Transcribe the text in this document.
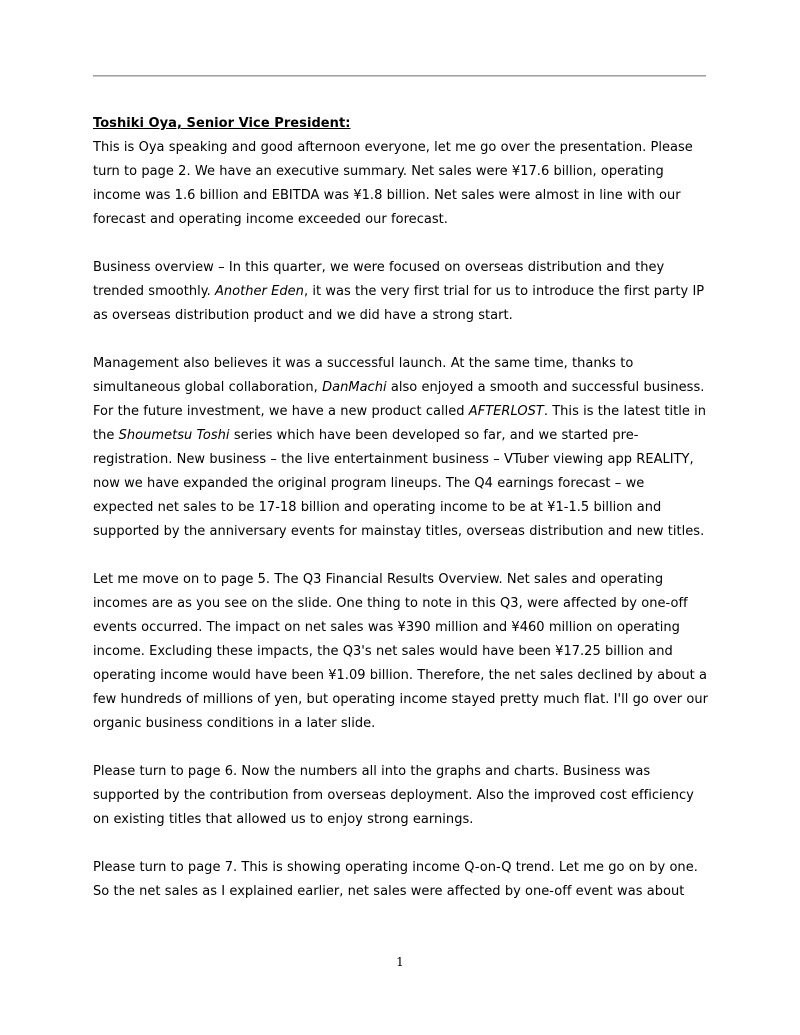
Toshiki Oya, Senior Vice President:

This is Oya speaking and good afternoon everyone, let me go over the presentation. Please turn to page 2. We have an executive summary. Net sales were ¥17.6 billion, operating income was 1.6 billion and EBITDA was ¥1.8 billion. Net sales were almost in line with our forecast and operating income exceeded our forecast.

Business overview – In this quarter, we were focused on overseas distribution and they trended smoothly. Another Eden, it was the very first trial for us to introduce the first party IP as overseas distribution product and we did have a strong start.

Management also believes it was a successful launch. At the same time, thanks to simultaneous global collaboration, DanMachi also enjoyed a smooth and successful business. For the future investment, we have a new product called AFTERLOST. This is the latest title in the Shoumetsu Toshi series which have been developed so far, and we started pre-registration. New business – the live entertainment business – VTuber viewing app REALITY, now we have expanded the original program lineups. The Q4 earnings forecast – we expected net sales to be 17-18 billion and operating income to be at ¥1-1.5 billion and supported by the anniversary events for mainstay titles, overseas distribution and new titles.

Let me move on to page 5. The Q3 Financial Results Overview. Net sales and operating incomes are as you see on the slide. One thing to note in this Q3, were affected by one-off events occurred. The impact on net sales was ¥390 million and ¥460 million on operating income. Excluding these impacts, the Q3's net sales would have been ¥17.25 billion and operating income would have been ¥1.09 billion. Therefore, the net sales declined by about a few hundreds of millions of yen, but operating income stayed pretty much flat. I'll go over our organic business conditions in a later slide.

Please turn to page 6. Now the numbers all into the graphs and charts. Business was supported by the contribution from overseas deployment. Also the improved cost efficiency on existing titles that allowed us to enjoy strong earnings.

Please turn to page 7. This is showing operating income Q-on-Q trend. Let me go on by one. So the net sales as I explained earlier, net sales were affected by one-off event was about

1
